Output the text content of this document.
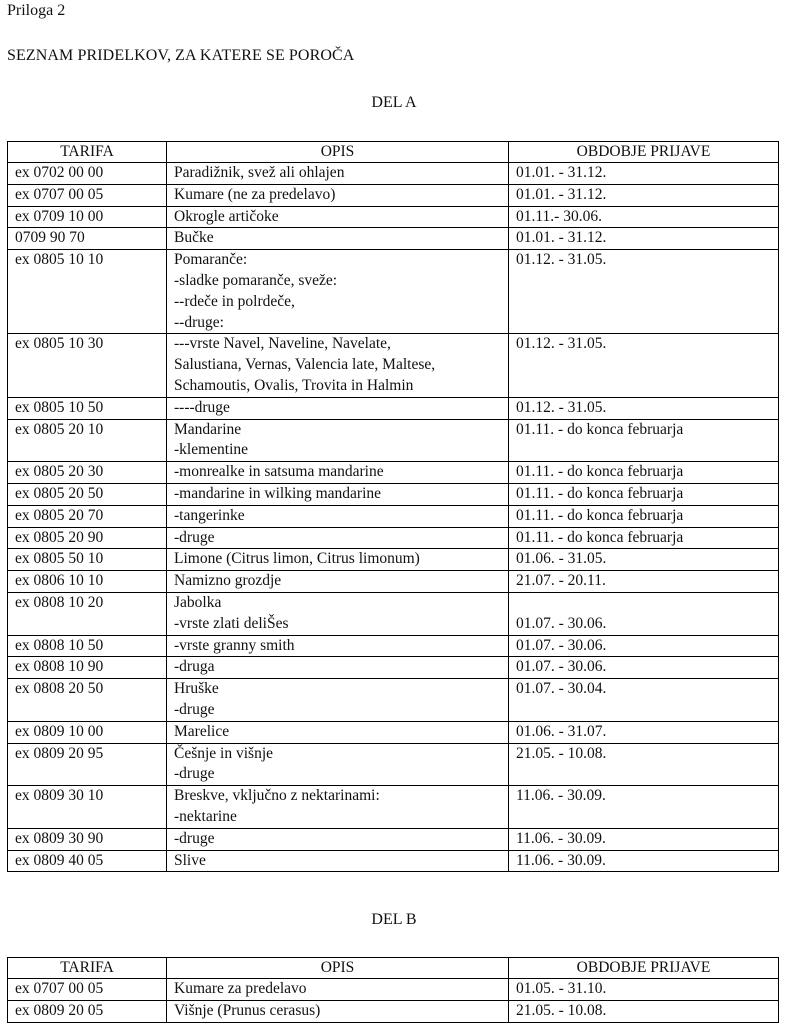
Priloga 2
SEZNAM PRIDELKOV, ZA KATERE SE POROČA
DEL A
TARIFA	OPIS	OBDOBJE PRIJAVE
ex 0702 00 00	Paradižnik, svež ali ohlajen	01.01. - 31.12.

ex 0707 00 05	Kumare (ne za predelavo)	01.01. - 31.12.

ex 0709 10 00	Okrogle artičoke	01.11.- 30.06.

0709 90 70	Bučke	01.01. - 31.12.

ex 0805 10 10	Pomaranče:
-sladke pomaranče, sveže:
--rdeče in polrdeče,
--druge:	01.12. - 31.05.

ex 0805 10 30	---vrste Navel, Naveline, Navelate,
Salustiana, Vernas, Valencia late, Maltese,
Schamoutis, Ovalis, Trovita in Halmin	01.12. - 31.05.

ex 0805 10 50	----druge	01.12. - 31.05.

ex 0805 20 10	Mandarine
-klementine	01.11. - do konca februarja

ex 0805 20 30	-monrealke in satsuma mandarine	01.11. - do konca februarja

ex 0805 20 50	-mandarine in wilking mandarine	01.11. - do konca februarja

ex 0805 20 70	-tangerinke	01.11. - do konca februarja

ex 0805 20 90	-druge	01.11. - do konca februarja

ex 0805 50 10	Limone (Citrus limon, Citrus limonum)	01.06. - 31.05.

ex 0806 10 10	Namizno grozdje	21.07. - 20.11.

ex 0808 10 20	Jabolka
-vrste zlati deliŠes	01.07. - 30.06.

ex 0808 10 50	-vrste granny smith	01.07. - 30.06.

ex 0808 10 90	-druga	01.07. - 30.06.

ex 0808 20 50	Hruške
-druge	01.07. - 30.04.

ex 0809 10 00	Marelice	01.06. - 31.07.

ex 0809 20 95	Češnje in višnje
-druge	21.05. - 10.08.

ex 0809 30 10	Breskve, vključno z nektarinami:
-nektarine	11.06. - 30.09.

ex 0809 30 90	-druge	11.06. - 30.09.

ex 0809 40 05	Slive	11.06. - 30.09.
DEL B
TARIFA	OPIS	OBDOBJE PRIJAVE
ex 0707 00 05	Kumare za predelavo	01.05. - 31.10.

ex 0809 20 05	Višnje (Prunus cerasus)	21.05. - 10.08.
